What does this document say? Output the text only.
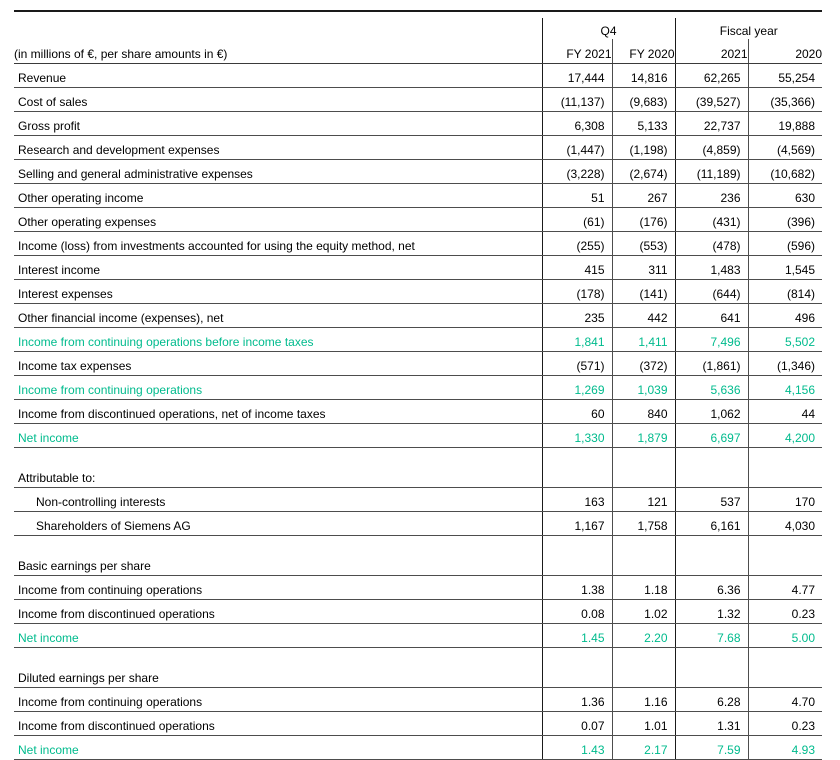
	Q4		Fiscal year	
(in millions of €, per share amounts in €)	FY 2021	FY 2020	2021	2020
Revenue	17,444	14,816	62,265	55,254
Cost of sales	(11,137)	(9,683)	(39,527)	(35,366)
Gross profit	6,308	5,133	22,737	19,888
Research and development expenses	(1,447)	(1,198)	(4,859)	(4,569)
Selling and general administrative expenses	(3,228)	(2,674)	(11,189)	(10,682)
Other operating income	51	267	236	630
Other operating expenses	(61)	(176)	(431)	(396)
Income (loss) from investments accounted for using the equity method, net	(255)	(553)	(478)	(596)
Interest income	415	311	1,483	1,545
Interest expenses	(178)	(141)	(644)	(814)
Other financial income (expenses), net	235	442	641	496
Income from continuing operations before income taxes	1,841	1,411	7,496	5,502
Income tax expenses	(571)	(372)	(1,861)	(1,346)
Income from continuing operations	1,269	1,039	5,636	4,156
Income from discontinued operations, net of income taxes	60	840	1,062	44
Net income	1,330	1,879	6,697	4,200

Attributable to:				
Non-controlling interests	163	121	537	170
Shareholders of Siemens AG	1,167	1,758	6,161	4,030

Basic earnings per share				
Income from continuing operations	1.38	1.18	6.36	4.77
Income from discontinued operations	0.08	1.02	1.32	0.23
Net income	1.45	2.20	7.68	5.00

Diluted earnings per share				
Income from continuing operations	1.36	1.16	6.28	4.70
Income from discontinued operations	0.07	1.01	1.31	0.23
Net income	1.43	2.17	7.59	4.93
